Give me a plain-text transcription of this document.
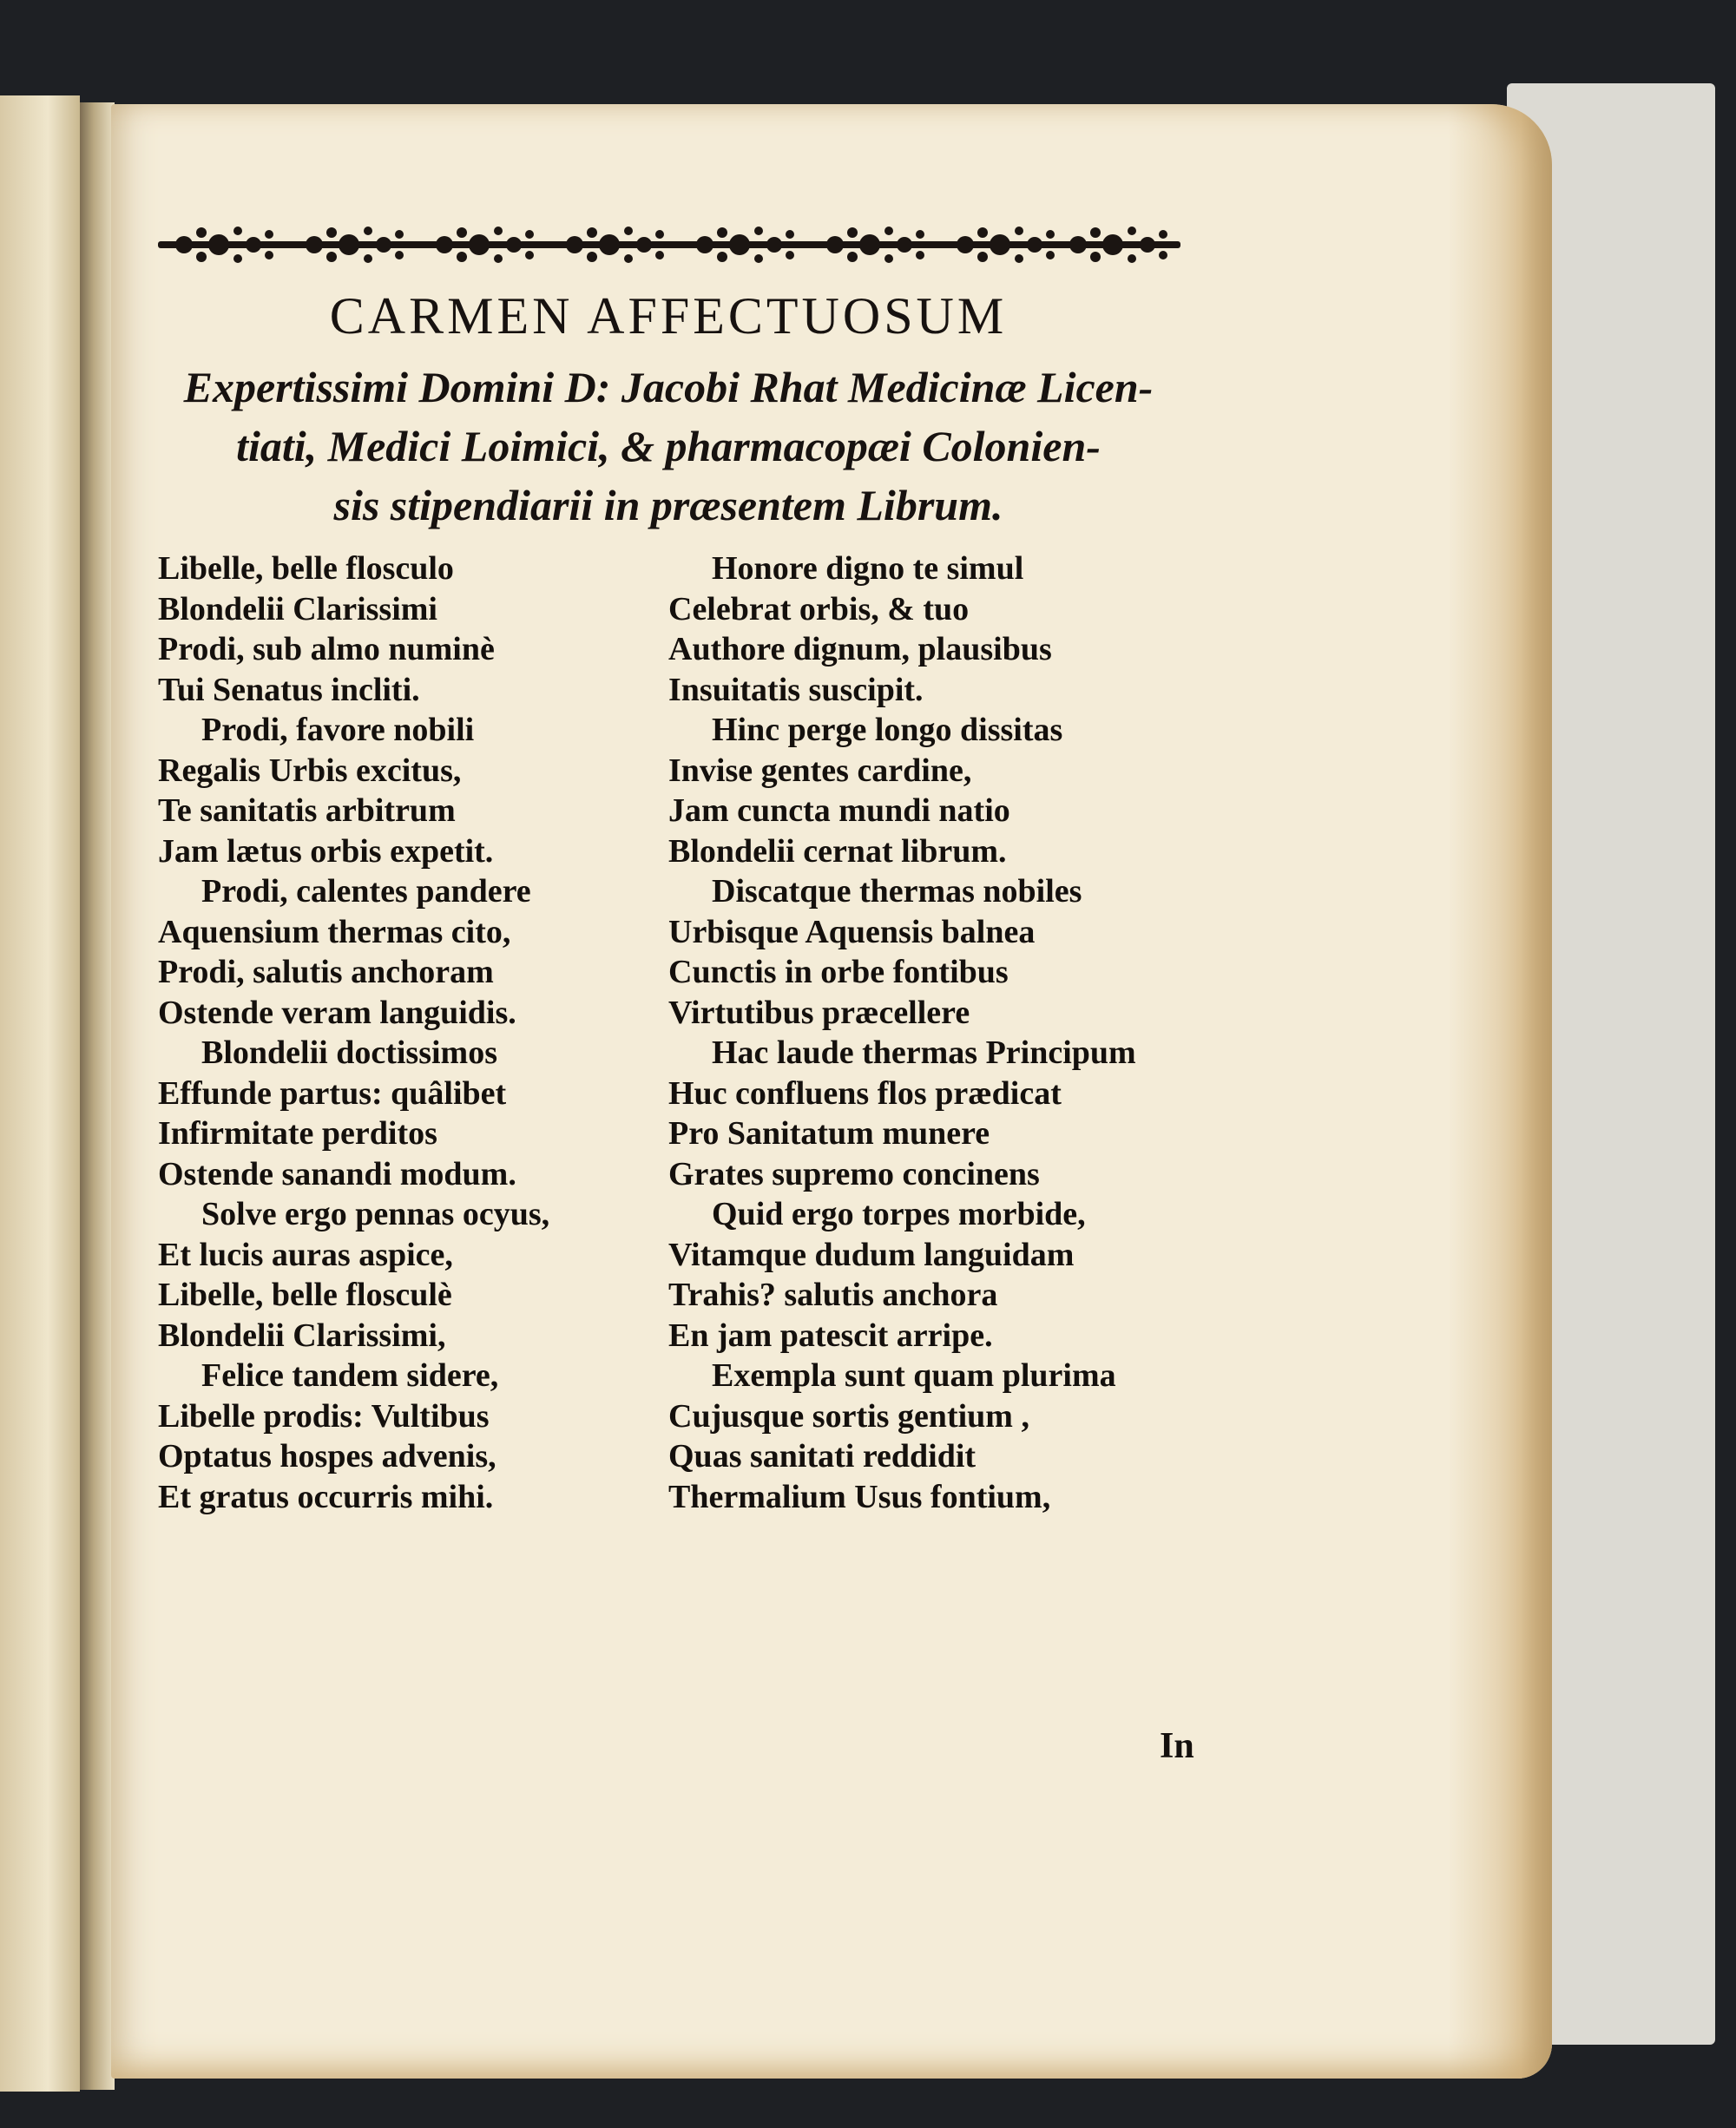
CARMEN AFFECTUOSUM
Expertissimi Domini D: Jacobi Rhat Medicinæ Licen-
tiati, Medici Loimici, & pharmacopæi Colonien-
sis stipendiarii in præsentem Librum.
Libelle, belle flosculo
Blondelii Clarissimi
Prodi, sub almo numinè
Tui Senatus incliti.
Prodi, favore nobili
Regalis Urbis excitus,
Te sanitatis arbitrum
Jam lætus orbis expetit.
Prodi, calentes pandere
Aquensium thermas cito,
Prodi, salutis anchoram
Ostende veram languidis.
Blondelii doctissimos
Effunde partus: quâlibet
Infirmitate perditos
Ostende sanandi modum.
Solve ergo pennas ocyus,
Et lucis auras aspice,
Libelle, belle flosculè
Blondelii Clarissimi,
Felice tandem sidere,
Libelle prodis: Vultibus
Optatus hospes advenis,
Et gratus occurris mihi.
Honore digno te simul
Celebrat orbis, & tuo
Authore dignum, plausibus
Insuitatis suscipit.
Hinc perge longo dissitas
Invise gentes cardine,
Jam cuncta mundi natio
Blondelii cernat librum.
Discatque thermas nobiles
Urbisque Aquensis balnea
Cunctis in orbe fontibus
Virtutibus præcellere
Hac laude thermas Principum
Huc confluens flos prædicat
Pro Sanitatum munere
Grates supremo concinens
Quid ergo torpes morbide,
Vitamque dudum languidam
Trahis? salutis anchora
En jam patescit arripe.
Exempla sunt quam plurima
Cujusque sortis gentium ,
Quas sanitati reddidit
Thermalium Usus fontium,
In
